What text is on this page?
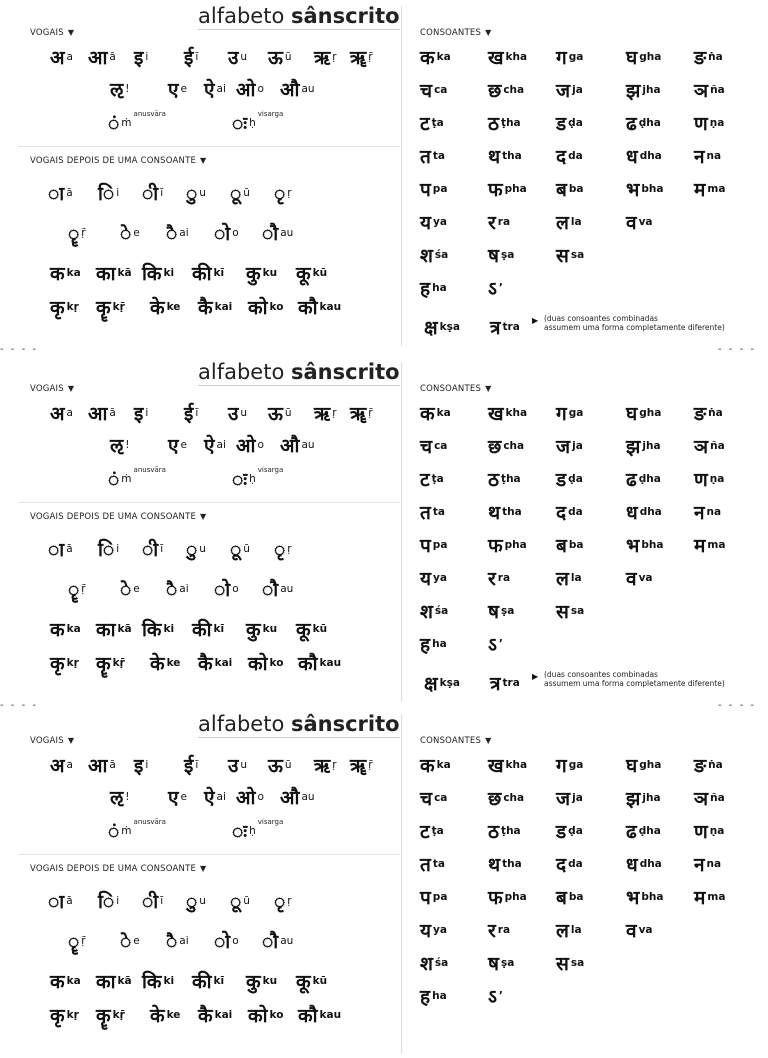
alfabeto sânscrito
VOGAIS ▼
अa आā इi ईī उu ऊū ऋṛ ॠṝ
ऌ ! एe ऐai ओo औau
ं ṁ$^{anusvāra}$	ः ḥ$^{visarga}$
VOGAIS DEPOIS DE UMA CONSOANTE ▼
ा ā ि i ी ī ु u ू ū ृ ṛ
ॄ ṝ े e ै ai ो o ौ au
कka काkā किki कीkī कुku कूkū
कृkṛ कॄkṝ केke कैkai कोko कौkau
CONSOANTES ▼
कka खkha गga घgha ङṅa
चca छcha जja झjha ञña
टṭa ठṭha डḍa ढḍha णṇa
तta थtha दda धdha नna
पpa फpha बba भbha मma
यya रra लla वva
शśa षṣa सsa
हha ऽ ’
क्ष kṣa त्र tra
▶ (duas consoantes combinadas
assumem uma forma completamente diferente)
- - - -	- - - -
alfabeto sânscrito
VOGAIS ▼
अa आā इi ईī उu ऊū ऋṛ ॠṝ
ऌ ! एe ऐai ओo औau
ं ṁ$^{anusvāra}$	ः ḥ$^{visarga}$
VOGAIS DEPOIS DE UMA CONSOANTE ▼
ा ā ि i ी ī ु u ू ū ृ ṛ
ॄ ṝ े e ै ai ो o ौ au
कka काkā किki कीkī कुku कूkū
कृkṛ कॄkṝ केke कैkai कोko कौkau
CONSOANTES ▼
कka खkha गga घgha ङṅa
चca छcha जja झjha ञña
टṭa ठṭha डḍa ढḍha णṇa
तta थtha दda धdha नna
पpa फpha बba भbha मma
यya रra लla वva
शśa षṣa सsa
हha ऽ ’
क्ष kṣa त्र tra
▶ (duas consoantes combinadas
assumem uma forma completamente diferente)
- - - -	- - - -
alfabeto sânscrito
VOGAIS ▼
अa आā इi ईī उu ऊū ऋṛ ॠṝ
ऌ ! एe ऐai ओo औau
ं ṁ$^{anusvāra}$	ः ḥ$^{visarga}$
VOGAIS DEPOIS DE UMA CONSOANTE ▼
ा ā ि i ी ī ु u ू ū ृ ṛ
ॄ ṝ े e ै ai ो o ौ au
कka काkā किki कीkī कुku कूkū
कृkṛ कॄkṝ केke कैkai कोko कौkau
CONSOANTES ▼
कka खkha गga घgha ङṅa
चca छcha जja झjha ञña
टṭa ठṭha डḍa ढḍha णṇa
तta थtha दda धdha नna
पpa फpha बba भbha मma
यya रra लla वva
शśa षṣa सsa
हha ऽ ’
